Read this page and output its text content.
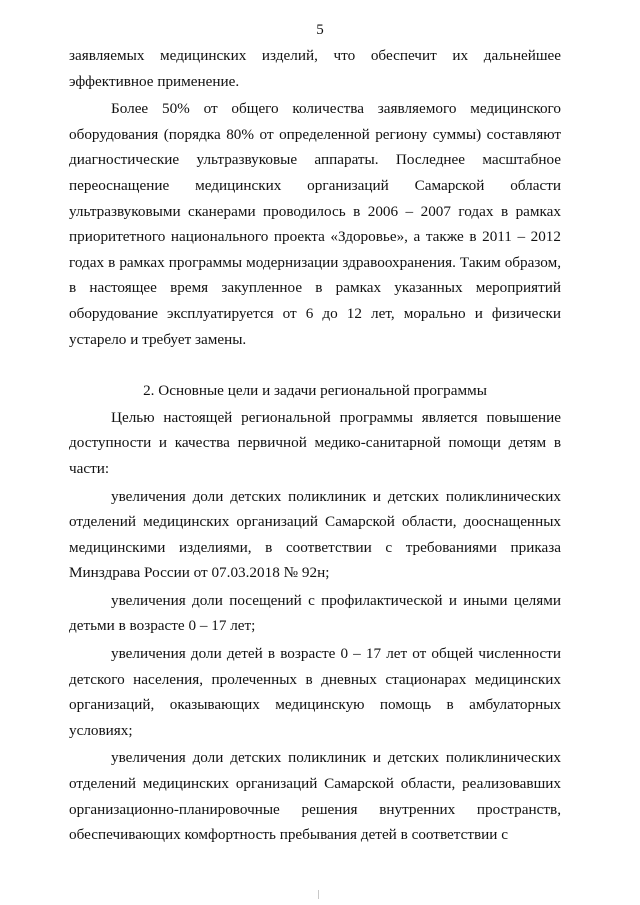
5

заявляемых медицинских изделий, что обеспечит их дальнейшее эффективное применение.

Более 50% от общего количества заявляемого медицинского оборудования (порядка 80% от определенной региону суммы) составляют диагностические ультразвуковые аппараты. Последнее масштабное переоснащение медицинских организаций Самарской области ультразвуковыми сканерами проводилось в 2006 – 2007 годах в рамках приоритетного национального проекта «Здоровье», а также в 2011 – 2012 годах в рамках программы модернизации здравоохранения. Таким образом, в настоящее время закупленное в рамках указанных мероприятий оборудование эксплуатируется от 6 до 12 лет, морально и физически устарело и требует замены.

2. Основные цели и задачи региональной программы

Целью настоящей региональной программы является повышение доступности и качества первичной медико-санитарной помощи детям в части:

увеличения доли детских поликлиник и детских поликлинических отделений медицинских организаций Самарской области, дооснащенных медицинскими изделиями, в соответствии с требованиями приказа Минздрава России от 07.03.2018 № 92н;

увеличения доли посещений с профилактической и иными целями детьми в возрасте 0 – 17 лет;

увеличения доли детей в возрасте 0 – 17 лет от общей численности детского населения, пролеченных в дневных стационарах медицинских организаций, оказывающих медицинскую помощь в амбулаторных условиях;

увеличения доли детских поликлиник и детских поликлинических отделений медицинских организаций Самарской области, реализовавших организационно-планировочные решения внутренних пространств, обеспечивающих комфортность пребывания детей в соответствии с
